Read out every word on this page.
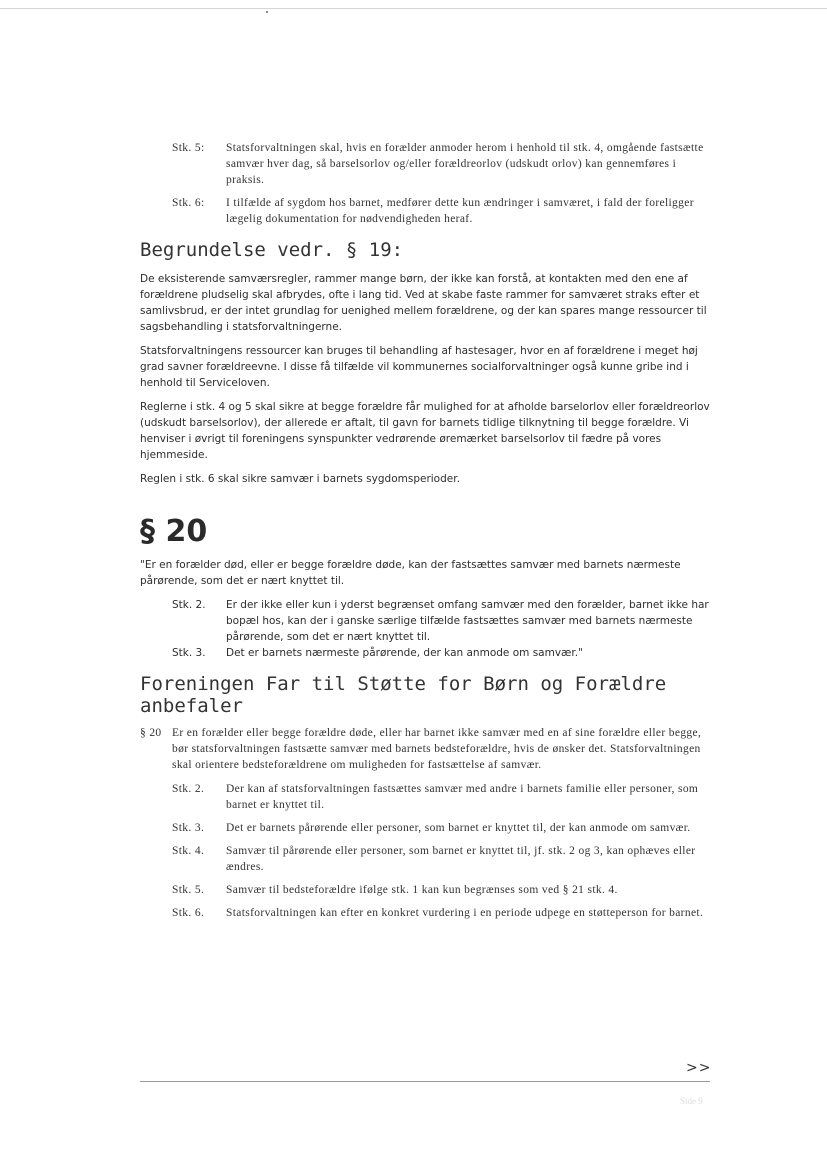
Stk. 5: Statsforvaltningen skal, hvis en forælder anmoder herom i henhold til stk. 4, omgående fastsætte samvær hver dag, så barselsorlov og/eller forældreorlov (udskudt orlov) kan gennemføres i praksis.
Stk. 6: I tilfælde af sygdom hos barnet, medfører dette kun ændringer i samværet, i fald der foreligger lægelig dokumentation for nødvendigheden heraf.
Begrundelse vedr. § 19:

De eksisterende samværsregler, rammer mange børn, der ikke kan forstå, at kontakten med den ene af forældrene pludselig skal afbrydes, ofte i lang tid. Ved at skabe faste rammer for samværet straks efter et samlivsbrud, er der intet grundlag for uenighed mellem forældrene, og der kan spares mange ressourcer til sagsbehandling i statsforvaltningerne.

Statsforvaltningens ressourcer kan bruges til behandling af hastesager, hvor en af forældrene i meget høj grad savner forældreevne. I disse få tilfælde vil kommunernes socialforvaltninger også kunne gribe ind i henhold til Serviceloven.

Reglerne i stk. 4 og 5 skal sikre at begge forældre får mulighed for at afholde barselorlov eller forældreorlov (udskudt barselsorlov), der allerede er aftalt, til gavn for barnets tidlige tilknytning til begge forældre. Vi henviser i øvrigt til foreningens synspunkter vedrørende øremærket barselsorlov til fædre på vores hjemmeside.

Reglen i stk. 6 skal sikre samvær i barnets sygdomsperioder.

§ 20
"Er en forælder død, eller er begge forældre døde, kan der fastsættes samvær med barnets nærmeste pårørende, som det er nært knyttet til.
Stk. 2. Er der ikke eller kun i yderst begrænset omfang samvær med den forælder, barnet ikke har bopæl hos, kan der i ganske særlige tilfælde fastsættes samvær med barnets nærmeste pårørende, som det er nært knyttet til.
Stk. 3. Det er barnets nærmeste pårørende, der kan anmode om samvær."
Foreningen Far til Støtte for Børn og Forældre anbefaler
§ 20 Er en forælder eller begge forældre døde, eller har barnet ikke samvær med en af sine forældre eller begge, bør statsforvaltningen fastsætte samvær med barnets bedsteforældre, hvis de ønsker det. Statsforvaltningen skal orientere bedsteforældrene om muligheden for fastsættelse af samvær.
Stk. 2. Der kan af statsforvaltningen fastsættes samvær med andre i barnets familie eller personer, som barnet er knyttet til.
Stk. 3. Det er barnets pårørende eller personer, som barnet er knyttet til, der kan anmode om samvær.
Stk. 4. Samvær til pårørende eller personer, som barnet er knyttet til, jf. stk. 2 og 3, kan ophæves eller ændres.
Stk. 5. Samvær til bedsteforældre ifølge stk. 1 kan kun begrænses som ved § 21 stk. 4.
Stk. 6. Statsforvaltningen kan efter en konkret vurdering i en periode udpege en støtteperson for barnet.
>>
Side 9
